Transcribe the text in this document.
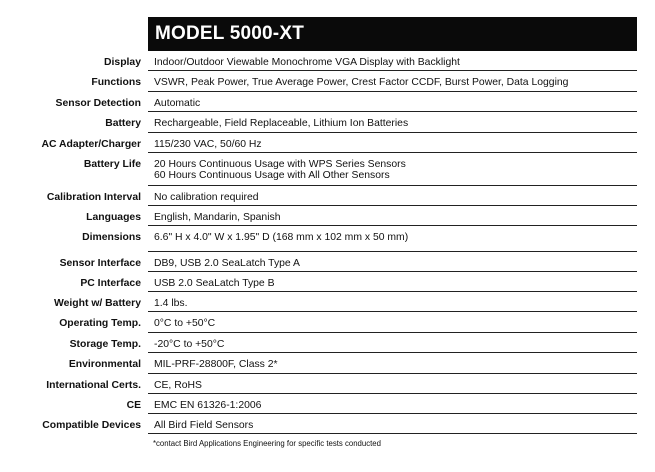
MODEL 5000-XT
Display Indoor/Outdoor Viewable Monochrome VGA Display with Backlight
Functions VSWR, Peak Power, True Average Power, Crest Factor CCDF, Burst Power, Data Logging
Sensor Detection Automatic
Battery Rechargeable, Field Replaceable, Lithium Ion Batteries
AC Adapter/Charger 115/230 VAC, 50/60 Hz
Battery Life 20 Hours Continuous Usage with WPS Series Sensors
60 Hours Continuous Usage with All Other Sensors
Calibration Interval No calibration required
Languages English, Mandarin, Spanish
Dimensions 6.6" H x 4.0" W x 1.95" D (168 mm x 102 mm x 50 mm)
Sensor Interface DB9, USB 2.0 SeaLatch Type A
PC Interface USB 2.0 SeaLatch Type B
Weight w/ Battery 1.4 lbs.
Operating Temp. 0°C to +50°C
Storage Temp. -20°C to +50°C
Environmental MIL-PRF-28800F, Class 2*
International Certs. CE, RoHS
CE EMC EN 61326-1:2006
Compatible Devices All Bird Field Sensors
*contact Bird Applications Engineering for specific tests conducted
